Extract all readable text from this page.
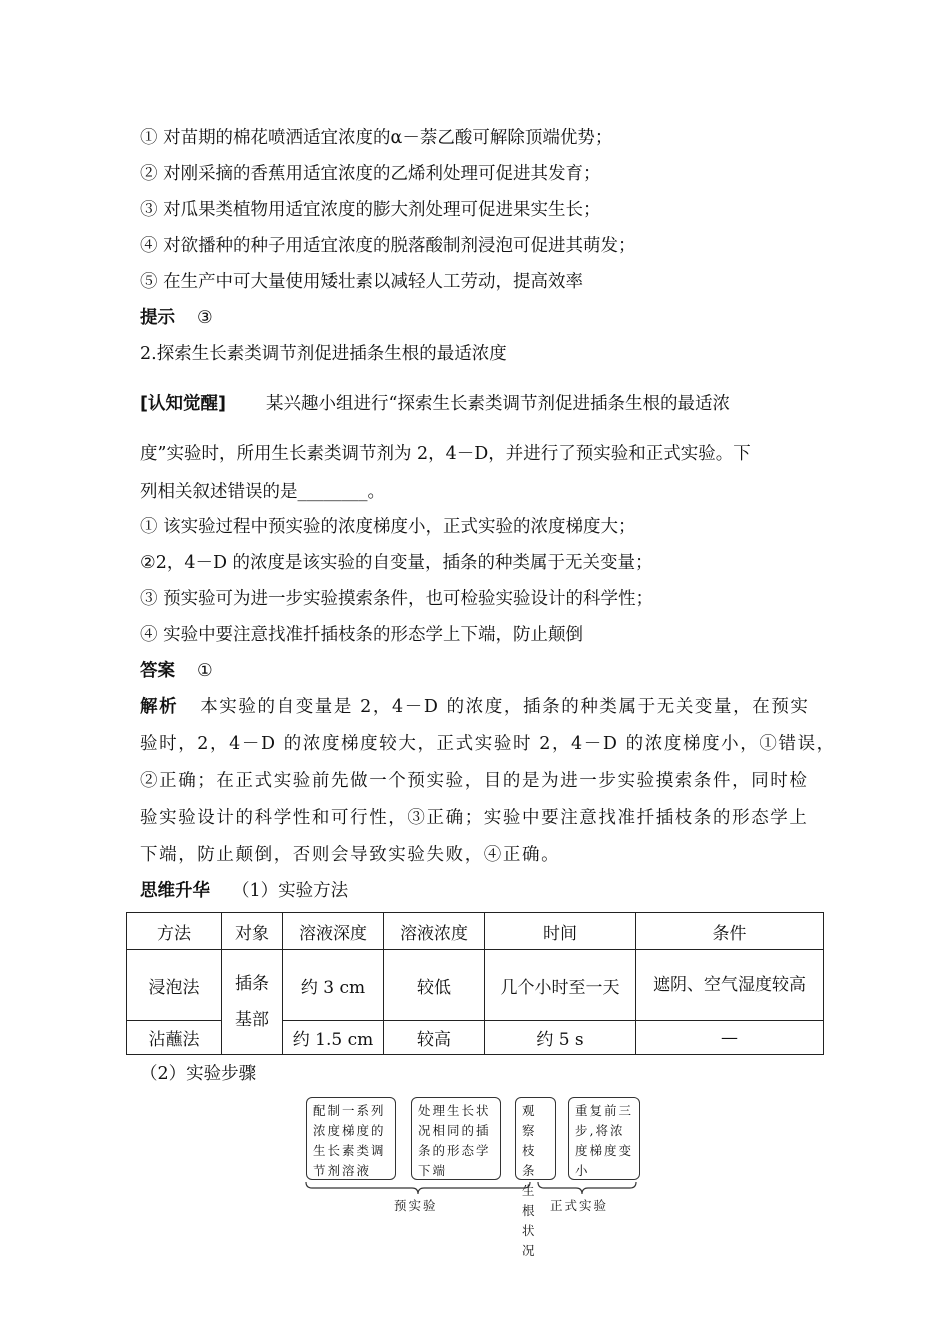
① 对苗期的棉花喷洒适宜浓度的α－萘乙酸可解除顶端优势；
② 对刚采摘的香蕉用适宜浓度的乙烯利处理可促进其发育；
③ 对瓜果类植物用适宜浓度的膨大剂处理可促进果实生长；
④ 对欲播种的种子用适宜浓度的脱落酸制剂浸泡可促进其萌发；
⑤ 在生产中可大量使用矮壮素以减轻人工劳动，提高效率
提示 ③
2.探索生长素类调节剂促进插条生根的最适浓度
[认知觉醒] 某兴趣小组进行“探索生长素类调节剂促进插条生根的最适浓
度”实验时，所用生长素类调节剂为 2，4－D，并进行了预实验和正式实验。下
列相关叙述错误的是________。
① 该实验过程中预实验的浓度梯度小，正式实验的浓度梯度大；
②2，4－D 的浓度是该实验的自变量，插条的种类属于无关变量；
③ 预实验可为进一步实验摸索条件，也可检验实验设计的科学性；
④ 实验中要注意找准扦插枝条的形态学上下端，防止颠倒
答案 ①
解析 本实验的自变量是 2，4－D 的浓度，插条的种类属于无关变量，在预实
验时，2，4－D 的浓度梯度较大，正式实验时 2，4－D 的浓度梯度小，①错误，
②正确；在正式实验前先做一个预实验，目的是为进一步实验摸索条件，同时检
验实验设计的科学性和可行性，③正确；实验中要注意找准扦插枝条的形态学上
下端，防止颠倒，否则会导致实验失败，④正确。
思维升华 （1）实验方法
方法	对象	溶液深度	溶液浓度	时间	条件
浸泡法	插条基部	约 3 cm	较低	几个小时至一天	遮阴、空气湿度较高
沾蘸法		约 1.5 cm	较高	约 5 s	—
（2）实验步骤
配制一系列浓度梯度的生长素类调节剂溶液
处理生长状况相同的插条的形态学下端
观察枝条生根状况
重复前三步,将浓度梯度变小
预实验	正式实验
